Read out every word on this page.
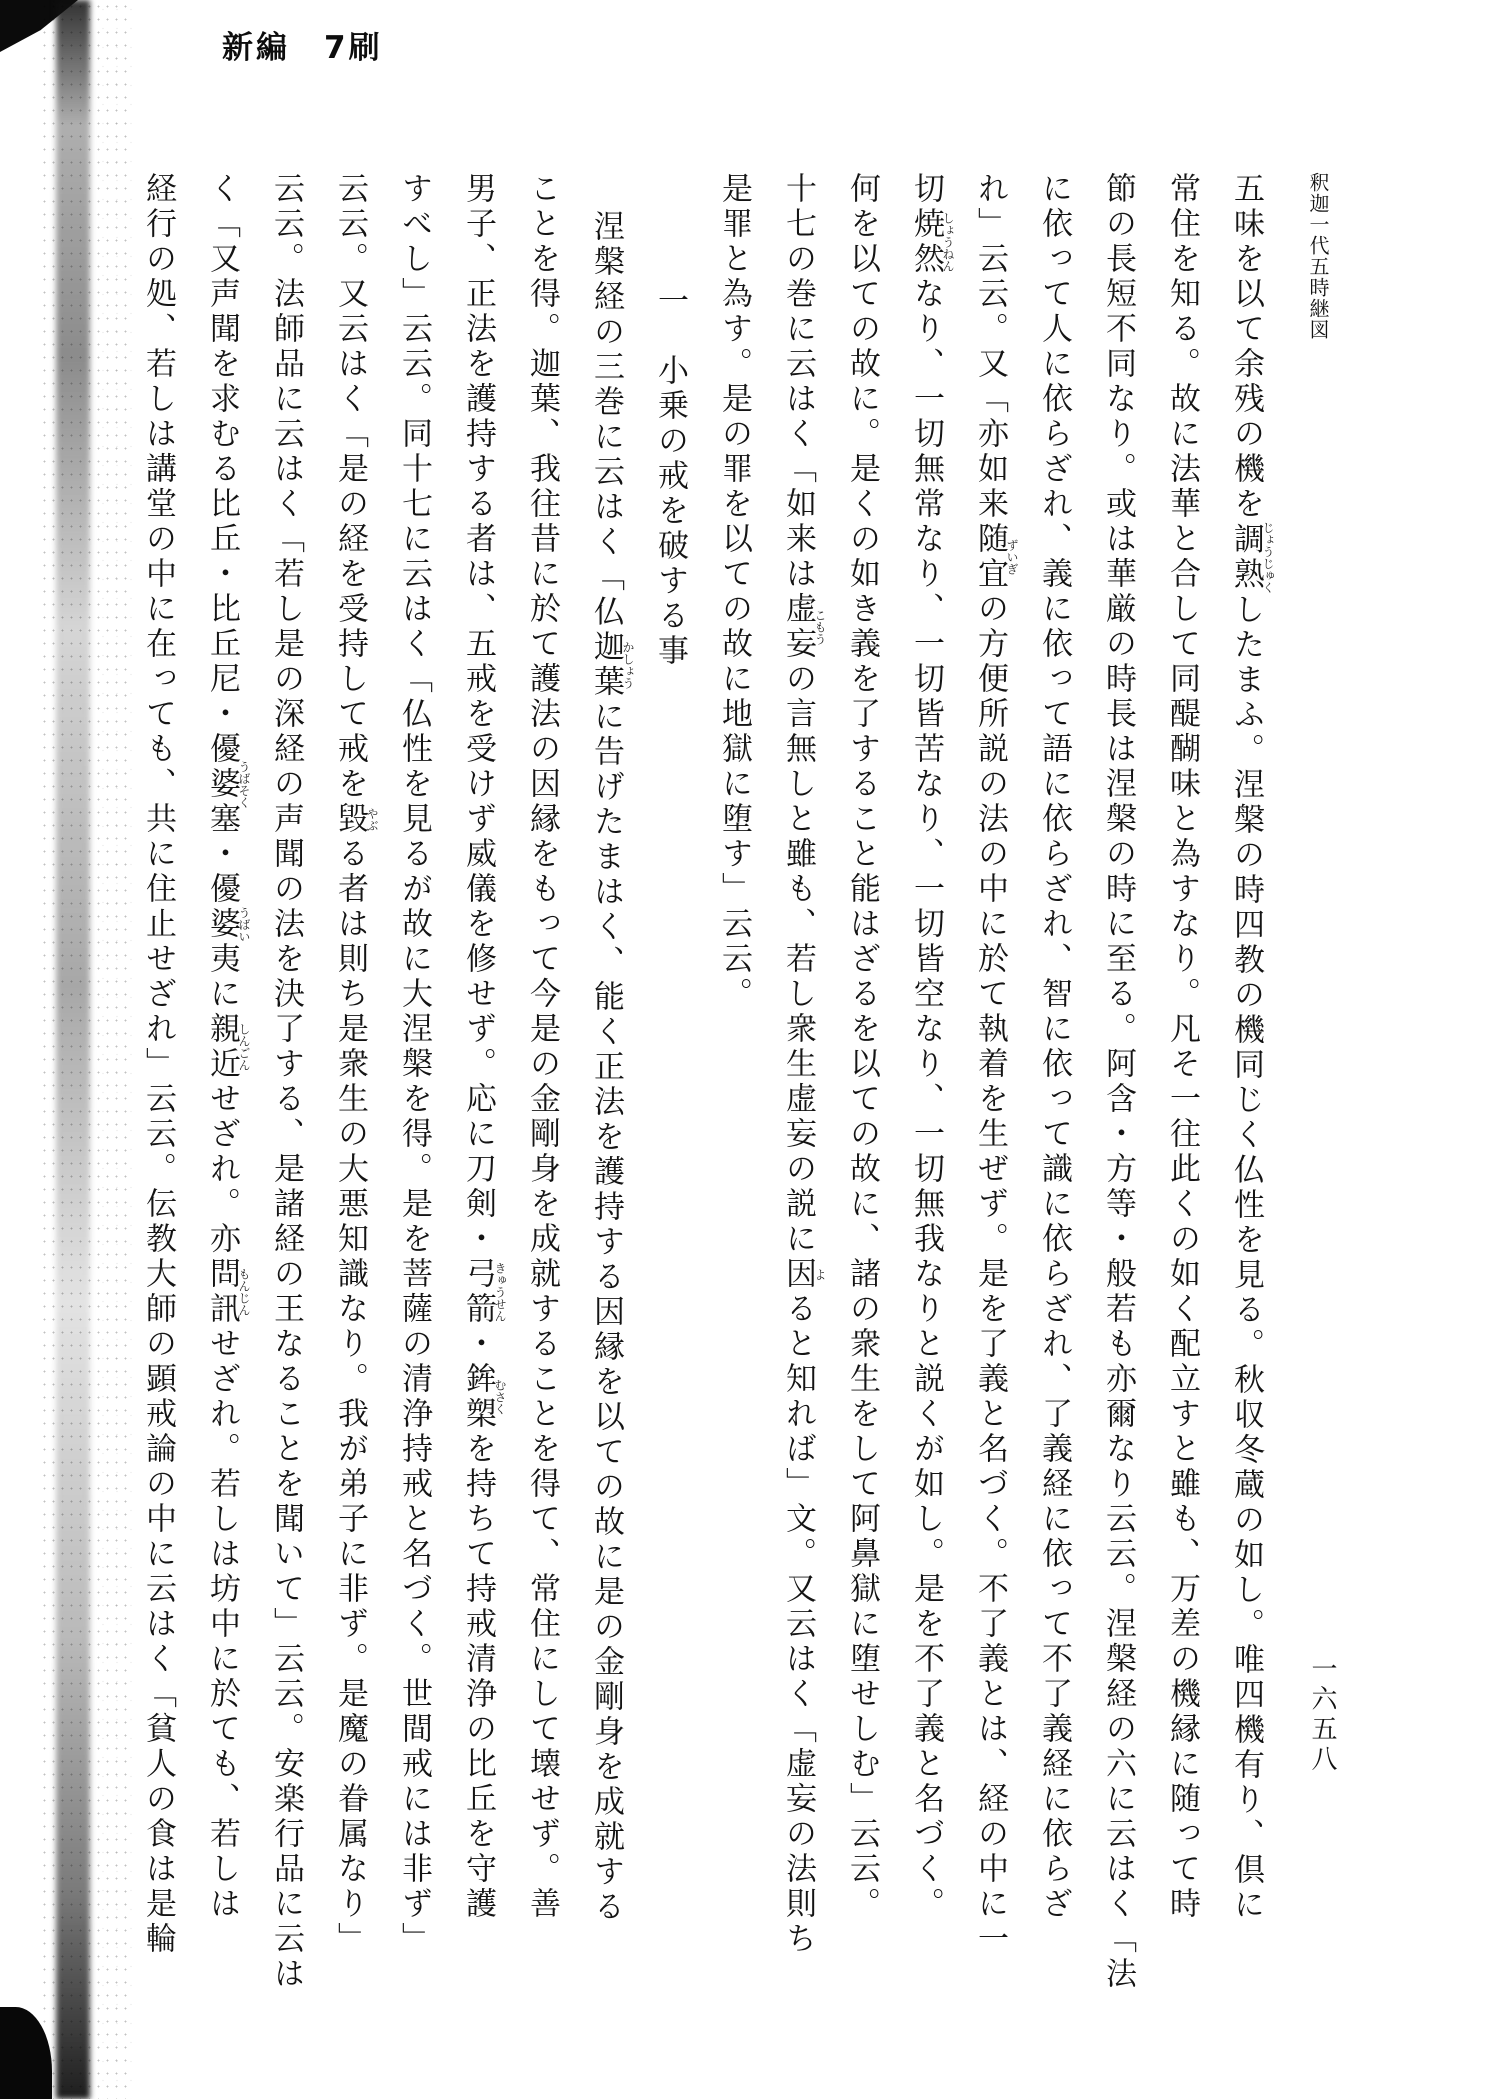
新編　7刷
釈迦一代五時継図
一六五八
五味を以て余残の機を調熟じょうじゅくしたまふ。涅槃の時四教の機同じく仏性を見る。秋収冬蔵の如し。唯四機有り、倶に
常住を知る。故に法華と合して同醍醐味と為すなり。凡そ一往此くの如く配立すと雖も、万差の機縁に随って時
節の長短不同なり。或は華厳の時長は涅槃の時に至る。阿含・方等・般若も亦爾なり云云。涅槃経の六に云はく「法
に依って人に依らざれ、義に依って語に依らざれ、智に依って識に依らざれ、了義経に依って不了義経に依らざ
れ」云云。又「亦如来随宜ずいぎの方便所説の法の中に於て執着を生ぜず。是を了義と名づく。不了義とは、経の中に一
切焼然しょうねんなり、一切無常なり、一切皆苦なり、一切皆空なり、一切無我なりと説くが如し。是を不了義と名づく。
何を以ての故に。是くの如き義を了すること能はざるを以ての故に、諸の衆生をして阿鼻獄に堕せしむ」云云。
十七の巻に云はく「如来は虚妄こもうの言無しと雖も、若し衆生虚妄の説に因よると知れば」文。又云はく「虚妄の法則ち
是罪と為す。是の罪を以ての故に地獄に堕す」云云。
一　小乗の戒を破する事
涅槃経の三巻に云はく「仏迦葉かしょうに告げたまはく、能く正法を護持する因縁を以ての故に是の金剛身を成就する
ことを得。迦葉、我往昔に於て護法の因縁をもって今是の金剛身を成就することを得て、常住にして壊せず。善
男子、正法を護持する者は、五戒を受けず威儀を修せず。応に刀剣・弓箭きゅうせん・鉾槊むさくを持ちて持戒清浄の比丘を守護
すべし」云云。同十七に云はく「仏性を見るが故に大涅槃を得。是を菩薩の清浄持戒と名づく。世間戒には非ず」
云云。又云はく「是の経を受持して戒を毀やぶる者は則ち是衆生の大悪知識なり。我が弟子に非ず。是魔の眷属なり」
云云。法師品に云はく「若し是の深経の声聞の法を決了する、是諸経の王なることを聞いて」云云。安楽行品に云は
く「又声聞を求むる比丘・比丘尼・優婆塞うばそく・優婆夷うばいに親近しんごんせざれ。亦問訊もんじんせざれ。若しは坊中に於ても、若しは
経行の処、若しは講堂の中に在っても、共に住止せざれ」云云。伝教大師の顕戒論の中に云はく「貧人の食は是輪
